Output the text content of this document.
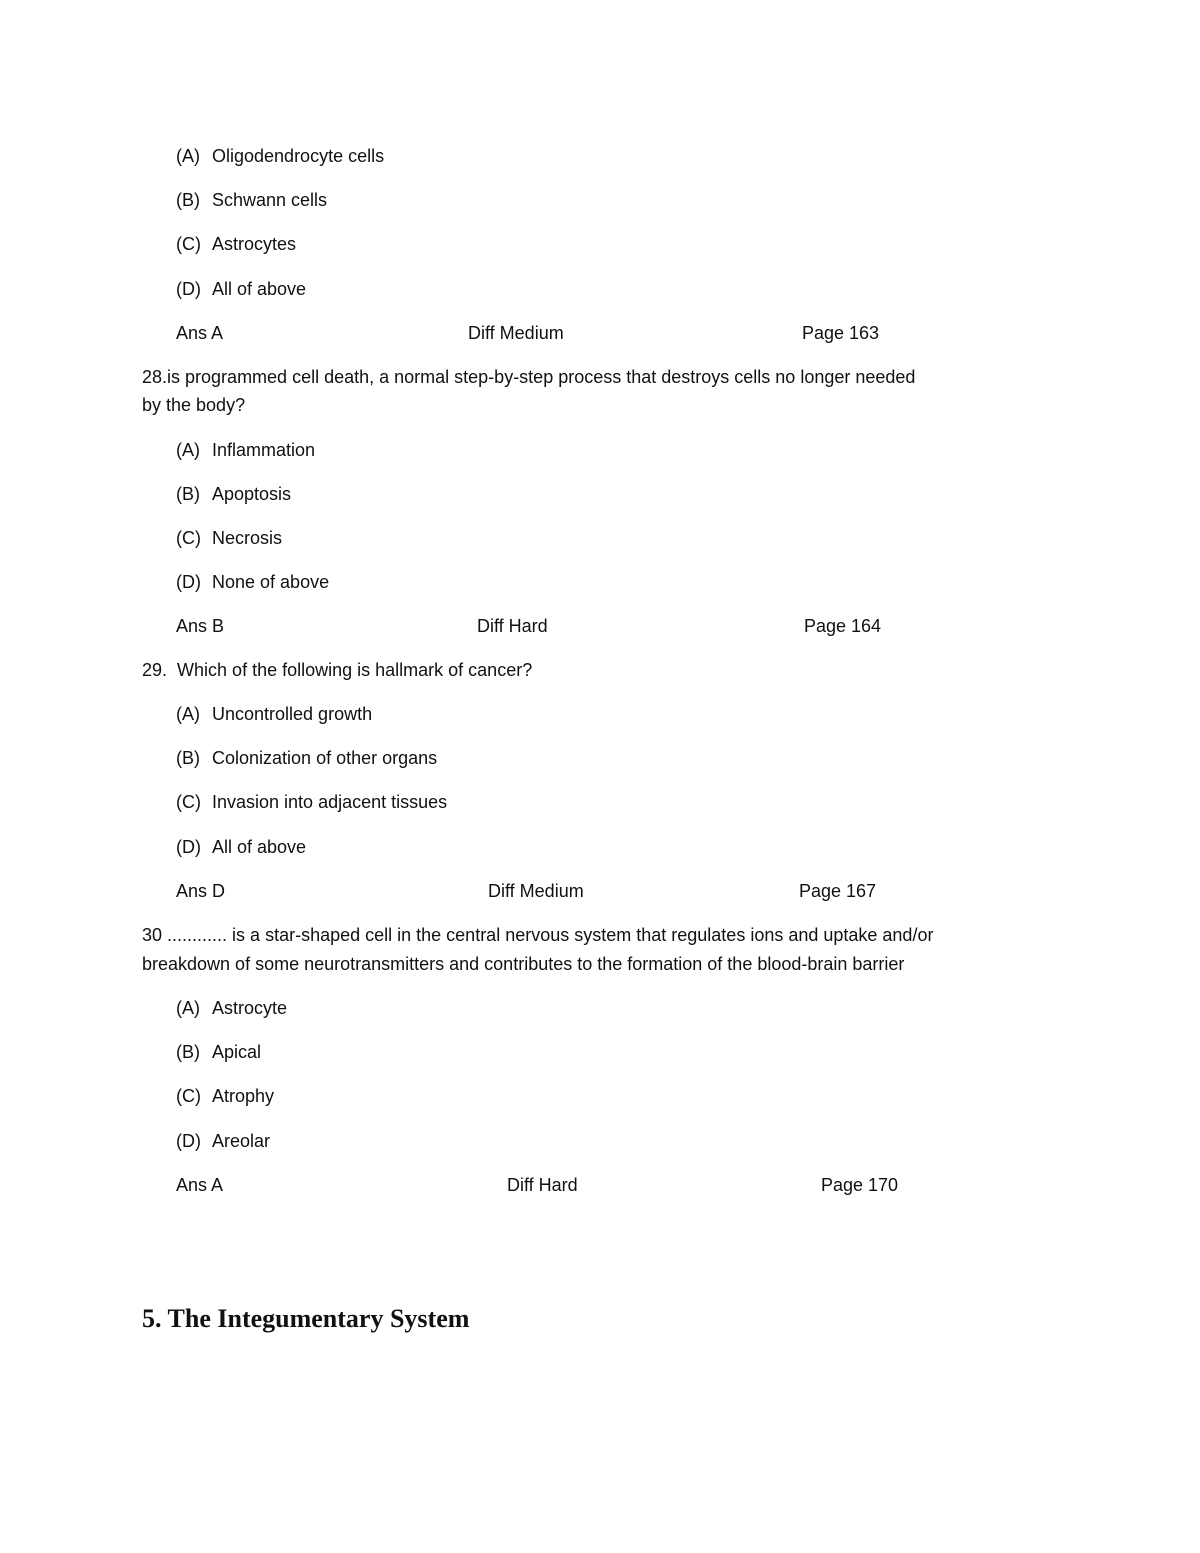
(A) Oligodendrocyte cells
(B) Schwann cells
(C) Astrocytes
(D) All of above
Ans A	Diff Medium	Page 163
28.is programmed cell death, a normal step-by-step process that destroys cells no longer needed
by the body?
(A) Inflammation
(B) Apoptosis
(C) Necrosis
(D) None of above
Ans B	Diff Hard	Page 164
29. Which of the following is hallmark of cancer?
(A) Uncontrolled growth
(B) Colonization of other organs
(C) Invasion into adjacent tissues
(D) All of above
Ans D	Diff Medium	Page 167
30 ............ is a star-shaped cell in the central nervous system that regulates ions and uptake and/or
breakdown of some neurotransmitters and contributes to the formation of the blood-brain barrier
(A) Astrocyte
(B) Apical
(C) Atrophy
(D) Areolar
Ans A	Diff Hard	Page 170
5. The Integumentary System
